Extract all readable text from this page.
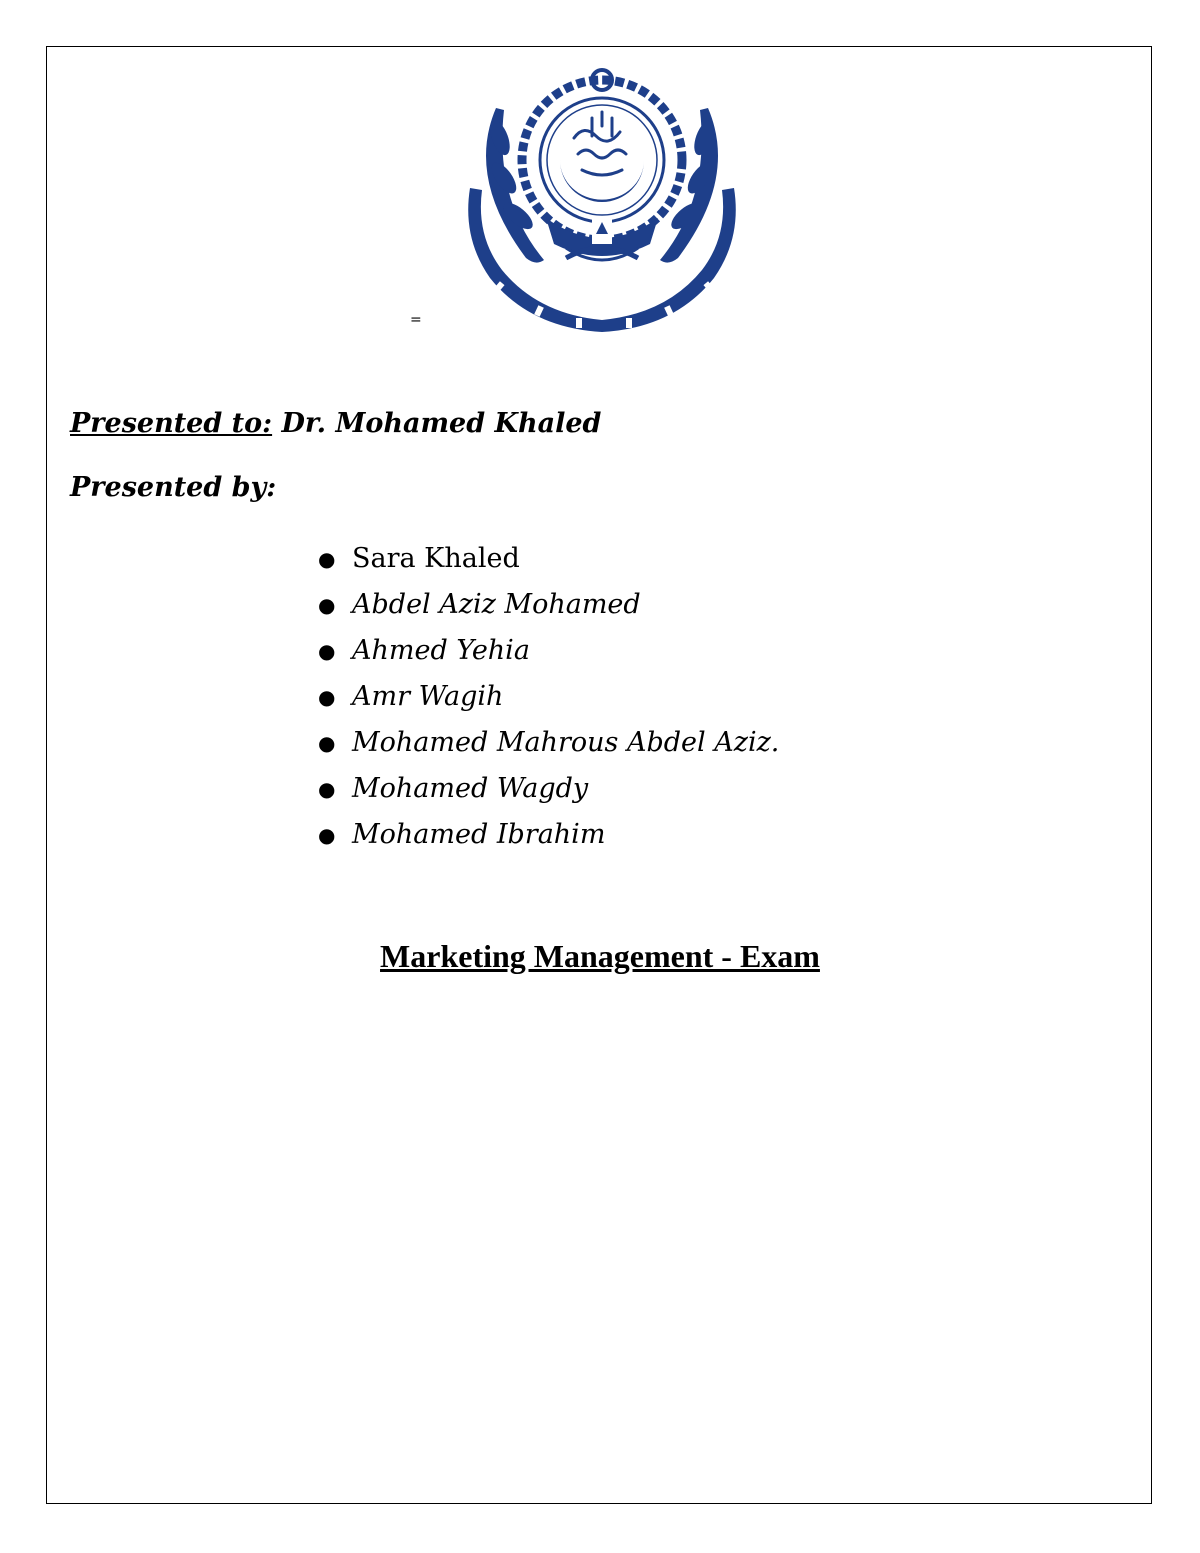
=
Presented to: Dr. Mohamed Khaled
Presented by:
● Sara Khaled
● Abdel Aziz Mohamed
● Ahmed Yehia
● Amr Wagih
● Mohamed Mahrous Abdel Aziz.
● Mohamed Wagdy
● Mohamed Ibrahim
Marketing Management - Exam
